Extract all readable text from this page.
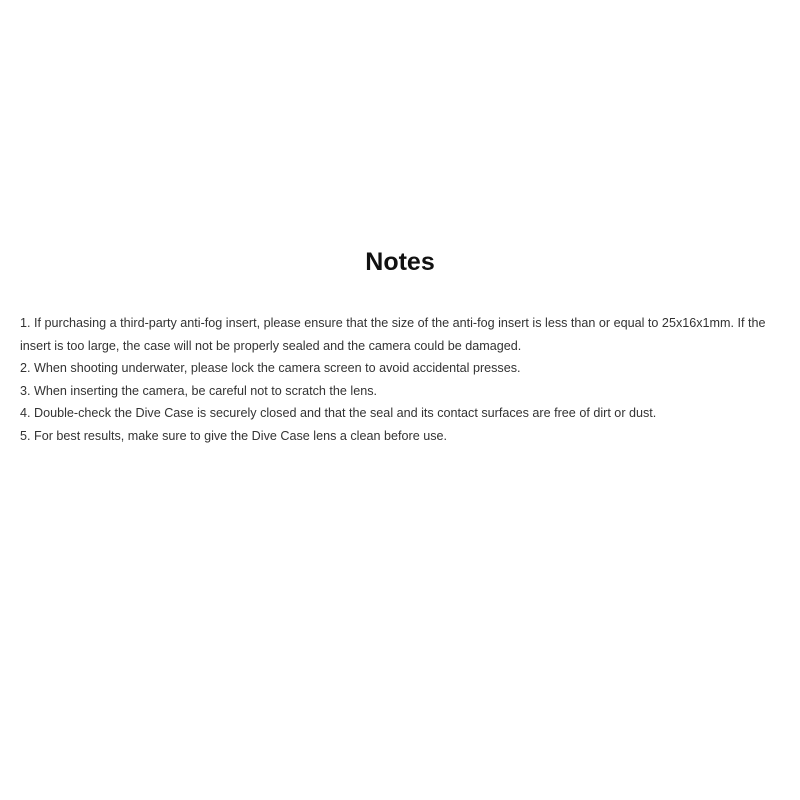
Notes
1. If purchasing a third-party anti-fog insert, please ensure that the size of the anti-fog insert is less than or equal to 25x16x1mm. If the insert is too large, the case will not be properly sealed and the camera could be damaged.
2. When shooting underwater, please lock the camera screen to avoid accidental presses.
3. When inserting the camera, be careful not to scratch the lens.
4. Double-check the Dive Case is securely closed and that the seal and its contact surfaces are free of dirt or dust.
5. For best results, make sure to give the Dive Case lens a clean before use.
